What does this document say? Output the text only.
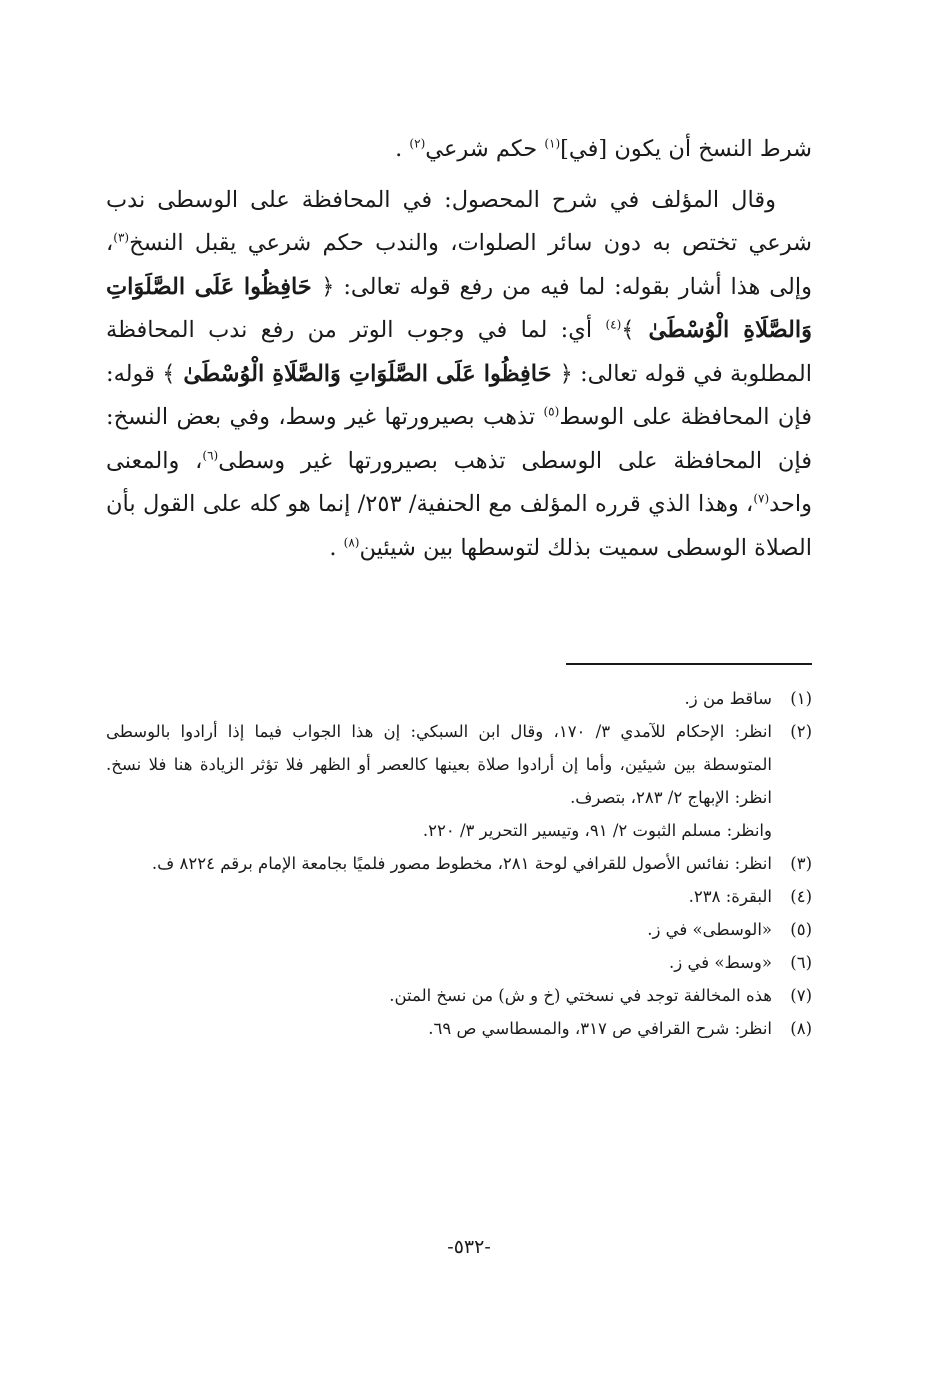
شرط النسخ أن يكون [في]$^{(١)}$ حكم شرعي$^{(٢)}$ .

وقال المؤلف في شرح المحصول: في المحافظة على الوسطى ندب شرعي تختص به دون سائر الصلوات، والندب حكم شرعي يقبل النسخ$^{(٣)}$، وإلى هذا أشار بقوله: لما فيه من رفع قوله تعالى: ﴿ حَافِظُوا عَلَى الصَّلَوَاتِ وَالصَّلَاةِ الْوُسْطَىٰ ﴾$^{(٤)}$ أي: لما في وجوب الوتر من رفع ندب المحافظة المطلوبة في قوله تعالى: ﴿ حَافِظُوا عَلَى الصَّلَوَاتِ وَالصَّلَاةِ الْوُسْطَىٰ ﴾ قوله: فإن المحافظة على الوسط$^{(٥)}$ تذهب بصيرورتها غير وسط، وفي بعض النسخ: فإن المحافظة على الوسطى تذهب بصيرورتها غير وسطى$^{(٦)}$، والمعنى واحد$^{(٧)}$، وهذا الذي قرره المؤلف مع الحنفية/ ٢٥٣/ إنما هو كله على القول بأن الصلاة الوسطى سميت بذلك لتوسطها بين شيئين$^{(٨)}$ .

(١)
ساقط من ز.
(٢)
انظر: الإحكام للآمدي ٣/ ١٧٠، وقال ابن السبكي: إن هذا الجواب فيما إذا أرادوا بالوسطى المتوسطة بين شيئين، وأما إن أرادوا صلاة بعينها كالعصر أو الظهر فلا تؤثر الزيادة هنا فلا نسخ. انظر: الإبهاج ٢/ ٢٨٣، بتصرف.
وانظر: مسلم الثبوت ٢/ ٩١، وتيسير التحرير ٣/ ٢٢٠.
(٣)
انظر: نفائس الأصول للقرافي لوحة ٢٨١، مخطوط مصور فلميًا بجامعة الإمام برقم ٨٢٢٤ ف.
(٤)
البقرة: ٢٣٨.
(٥)
«الوسطى» في ز.
(٦)
«وسط» في ز.
(٧)
هذه المخالفة توجد في نسختي (خ و ش) من نسخ المتن.
(٨)
انظر: شرح القرافي ص ٣١٧، والمسطاسي ص ٦٩.
-٥٣٢-
